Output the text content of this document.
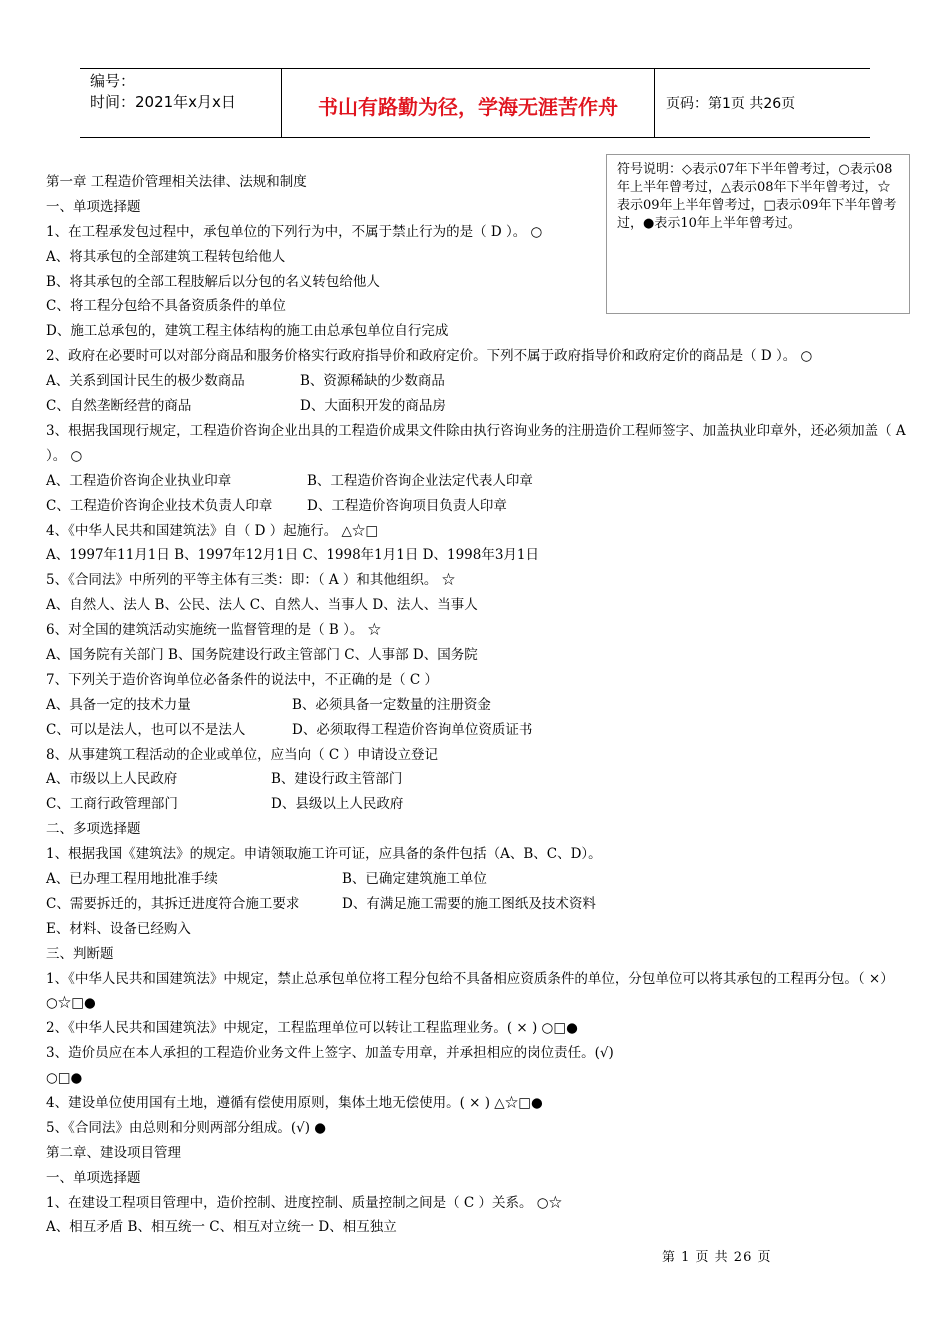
编号：
时间：2021年x月x日	书山有路勤为径，学海无涯苦作舟	页码：第1页 共26页
符号说明：◇表示07年下半年曾考过，○表示08年上半年曾考过，△表示08年下半年曾考过，☆表示09年上半年曾考过，□表示09年下半年曾考过，●表示10年上半年曾考过。
第一章 工程造价管理相关法律、法规和制度
一、单项选择题
1、在工程承发包过程中，承包单位的下列行为中，不属于禁止行为的是（ D ）。 ○
A、将其承包的全部建筑工程转包给他人
B、将其承包的全部工程肢解后以分包的名义转包给他人
C、将工程分包给不具备资质条件的单位
D、施工总承包的，建筑工程主体结构的施工由总承包单位自行完成
2、政府在必要时可以对部分商品和服务价格实行政府指导价和政府定价。下列不属于政府指导价和政府定价的商品是（ D ）。 ○
A、关系到国计民生的极少数商品	B、资源稀缺的少数商品
C、自然垄断经营的商品	D、大面积开发的商品房
3、根据我国现行规定，工程造价咨询企业出具的工程造价成果文件除由执行咨询业务的注册造价工程师签字、加盖执业印章外，还必须加盖（ A ）。 ○
A、工程造价咨询企业执业印章	B、工程造价咨询企业法定代表人印章
C、工程造价咨询企业技术负责人印章	D、工程造价咨询项目负责人印章
4、《中华人民共和国建筑法》自（ D ）起施行。 △☆□
A、1997年11月1日 B、1997年12月1日 C、1998年1月1日 D、1998年3月1日
5、《合同法》中所列的平等主体有三类：即：（ A ）和其他组织。 ☆
A、自然人、法人 B、公民、法人 C、自然人、当事人 D、法人、当事人
6、对全国的建筑活动实施统一监督管理的是（ B ）。 ☆
A、国务院有关部门 B、国务院建设行政主管部门 C、人事部 D、国务院
7、下列关于造价咨询单位必备条件的说法中，不正确的是（ C ）
A、具备一定的技术力量	B、必须具备一定数量的注册资金
C、可以是法人，也可以不是法人	D、必须取得工程造价咨询单位资质证书
8、从事建筑工程活动的企业或单位，应当向（ C ）申请设立登记
A、市级以上人民政府	B、建设行政主管部门
C、工商行政管理部门	D、县级以上人民政府
二、多项选择题
1、根据我国《建筑法》的规定。申请领取施工许可证，应具备的条件包括（A、B、C、D）。
A、已办理工程用地批准手续	B、已确定建筑施工单位
C、需要拆迁的，其拆迁进度符合施工要求	D、有满足施工需要的施工图纸及技术资料
E、材料、设备已经购入
三、判断题
1、《中华人民共和国建筑法》中规定，禁止总承包单位将工程分包给不具备相应资质条件的单位，分包单位可以将其承包的工程再分包。（ ×） ○☆□●
2、《中华人民共和国建筑法》中规定，工程监理单位可以转让工程监理业务。( × ) ○□●
3、造价员应在本人承担的工程造价业务文件上签字、加盖专用章，并承担相应的岗位责任。(√)
○□●
4、建设单位使用国有土地，遵循有偿使用原则，集体土地无偿使用。( × ) △☆□●
5、《合同法》由总则和分则两部分组成。(√) ●
第二章、建设项目管理
一、单项选择题
1、在建设工程项目管理中，造价控制、进度控制、质量控制之间是（ C ）关系。 ○☆
A、相互矛盾 B、相互统一 C、相互对立统一 D、相互独立
第 1 页 共 26 页
